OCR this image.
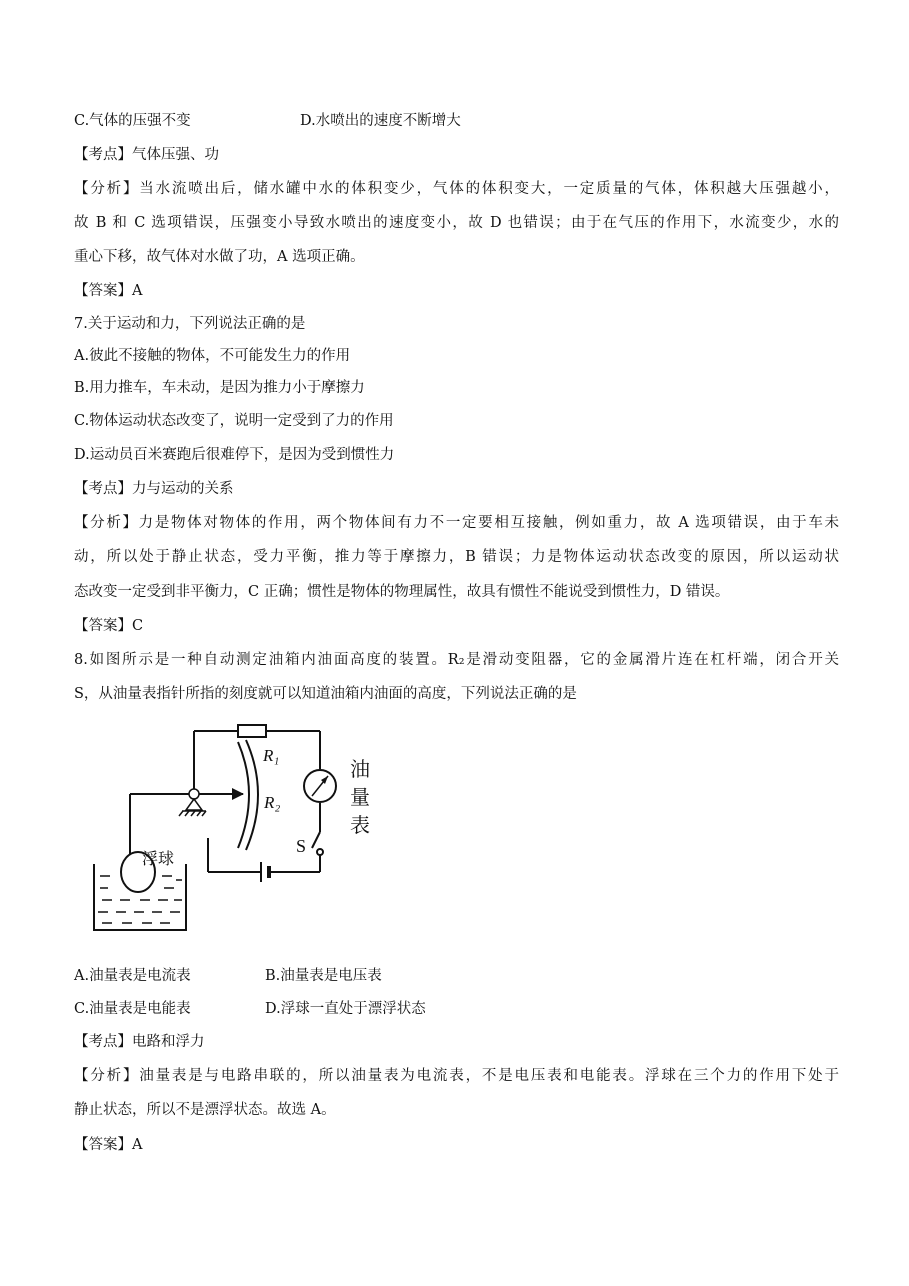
C.气体的压强不变	D.水喷出的速度不断增大
【考点】气体压强、功
【分析】当水流喷出后，储水罐中水的体积变少，气体的体积变大，一定质量的气体，体积越大压强越小，
故 B 和 C 选项错误，压强变小导致水喷出的速度变小，故 D 也错误；由于在气压的作用下，水流变少，水的
重心下移，故气体对水做了功，A 选项正确。
【答案】A
7.关于运动和力，下列说法正确的是
A.彼此不接触的物体，不可能发生力的作用
B.用力推车，车未动，是因为推力小于摩擦力
C.物体运动状态改变了，说明一定受到了力的作用
D.运动员百米赛跑后很难停下，是因为受到惯性力
【考点】力与运动的关系
【分析】力是物体对物体的作用，两个物体间有力不一定要相互接触，例如重力，故 A 选项错误，由于车未
动，所以处于静止状态，受力平衡，推力等于摩擦力，B 错误；力是物体运动状态改变的原因，所以运动状
态改变一定受到非平衡力，C 正确；惯性是物体的物理属性，故具有惯性不能说受到惯性力，D 错误。
【答案】C
8.如图所示是一种自动测定油箱内油面高度的装置。R₂是滑动变阻器，它的金属滑片连在杠杆端，闭合开关
S，从油量表指针所指的刻度就可以知道油箱内油面的高度，下列说法正确的是
R₁
R₂
油
量
表
S
浮球
A.油量表是电流表	B.油量表是电压表
C.油量表是电能表	D.浮球一直处于漂浮状态
【考点】电路和浮力
【分析】油量表是与电路串联的，所以油量表为电流表，不是电压表和电能表。浮球在三个力的作用下处于
静止状态，所以不是漂浮状态。故选 A。
【答案】A
